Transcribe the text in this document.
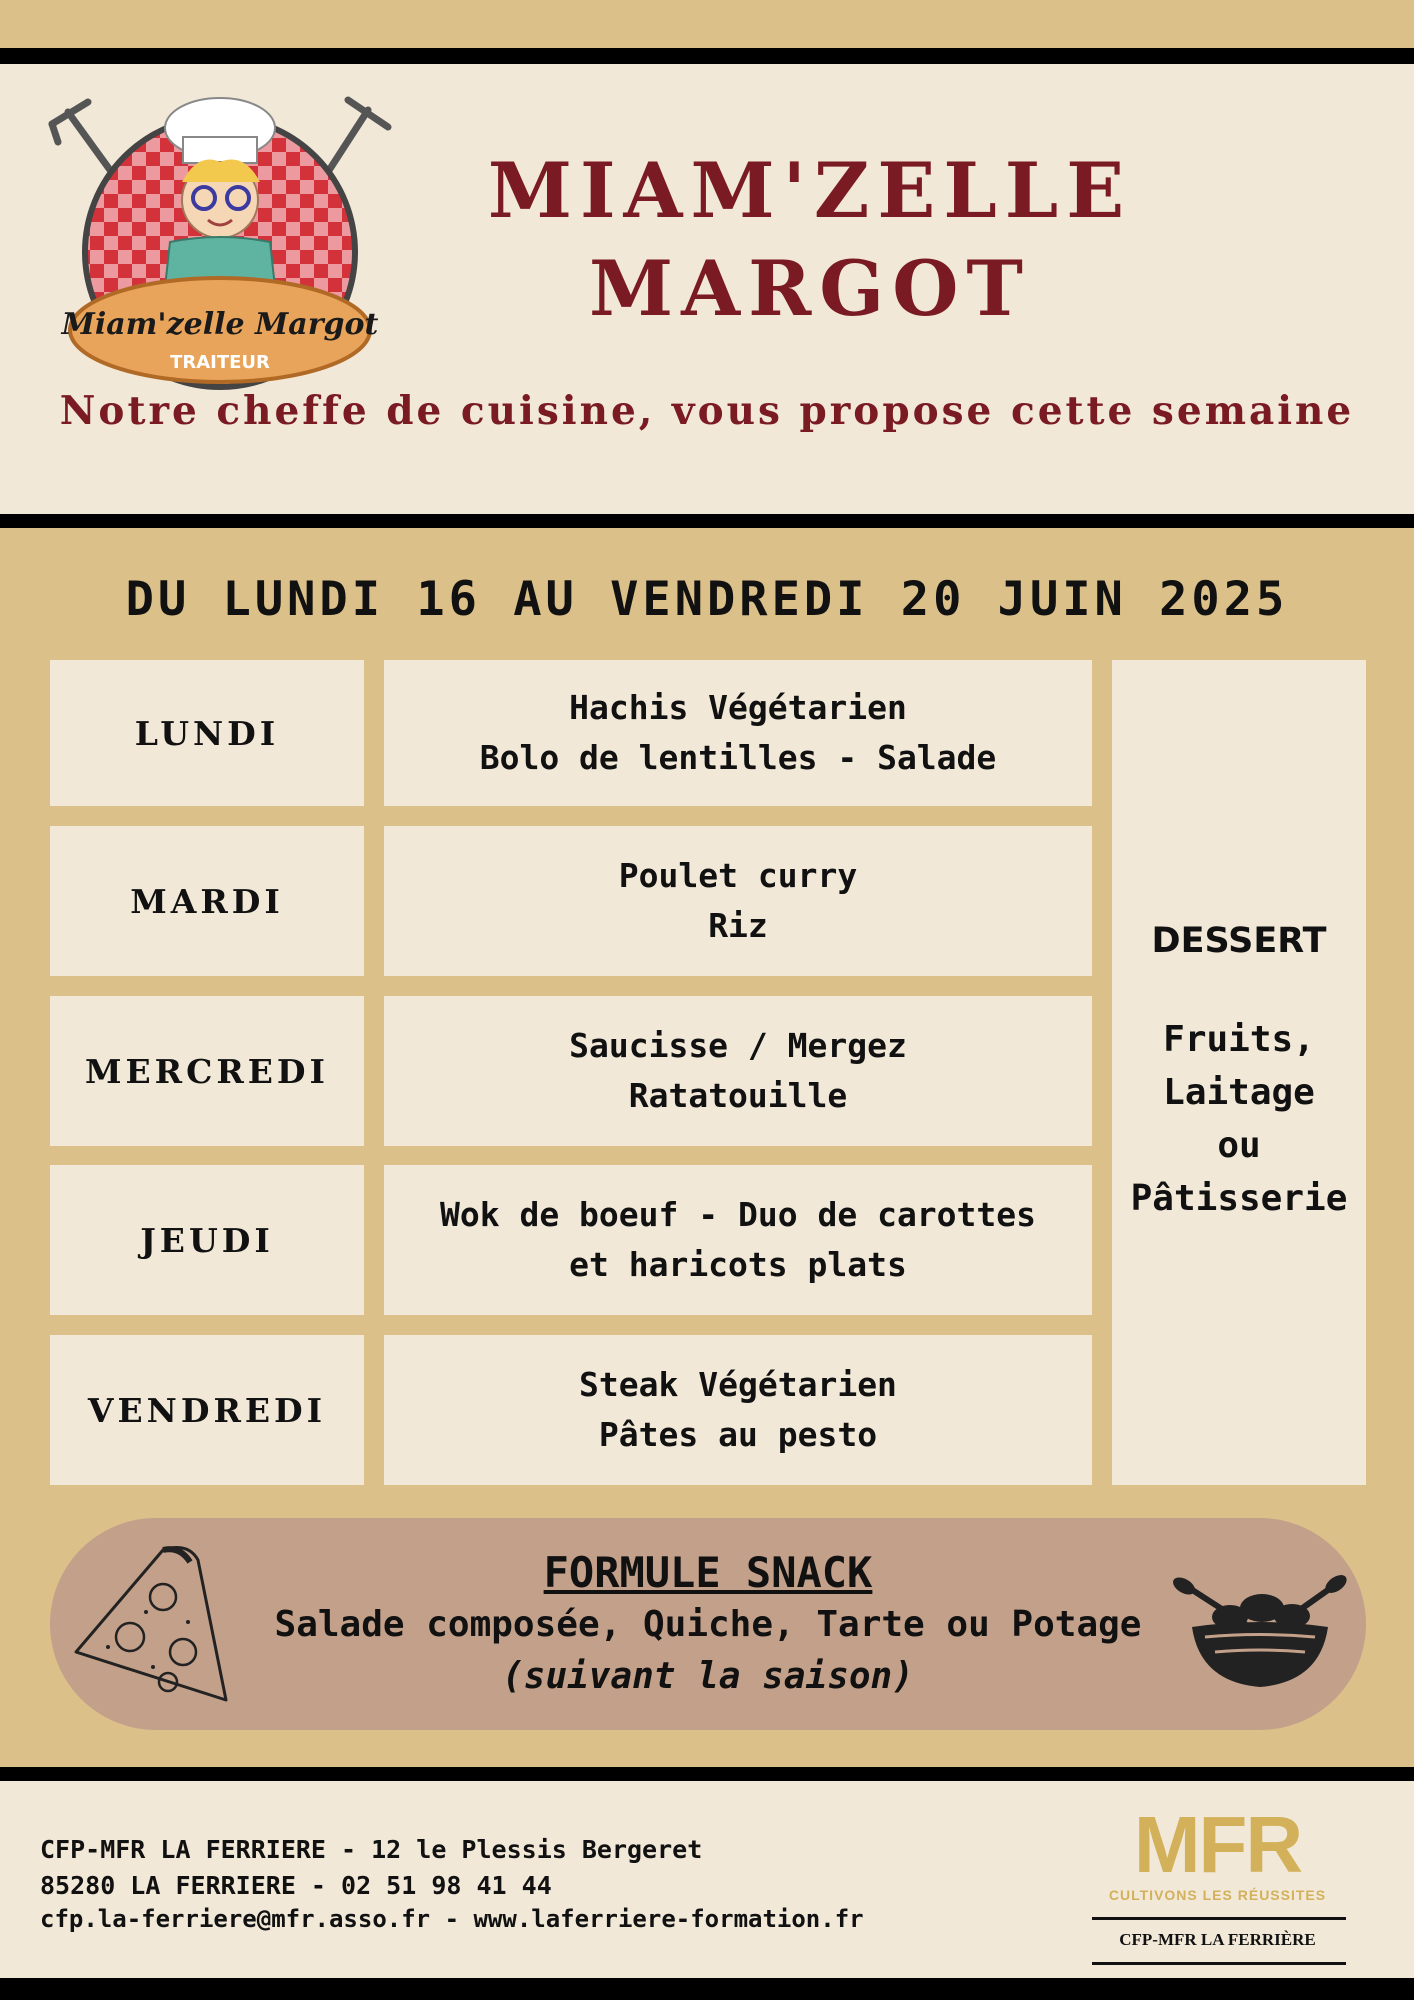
Miam'zelle Margot
TRAITEUR
MIAM'ZELLE
MARGOT
Notre cheffe de cuisine, vous propose cette semaine
DU LUNDI 16 AU VENDREDI 20 JUIN 2025
LUNDI
Hachis Végétarien
Bolo de lentilles - Salade
MARDI
Poulet curry
Riz
MERCREDI
Saucisse / Mergez
Ratatouille
JEUDI
Wok de boeuf - Duo de carottes
et haricots plats
VENDREDI
Steak Végétarien
Pâtes au pesto
DESSERT
Fruits,
Laitage
ou
Pâtisserie
FORMULE SNACK
Salade composée, Quiche, Tarte ou Potage
(suivant la saison)
CFP-MFR LA FERRIERE - 12 le Plessis Bergeret
85280 LA FERRIERE - 02 51 98 41 44
cfp.la-ferriere@mfr.asso.fr - www.laferriere-formation.fr
MFR
CULTIVONS LES RÉUSSITES
CFP-MFR LA FERRIÈRE
